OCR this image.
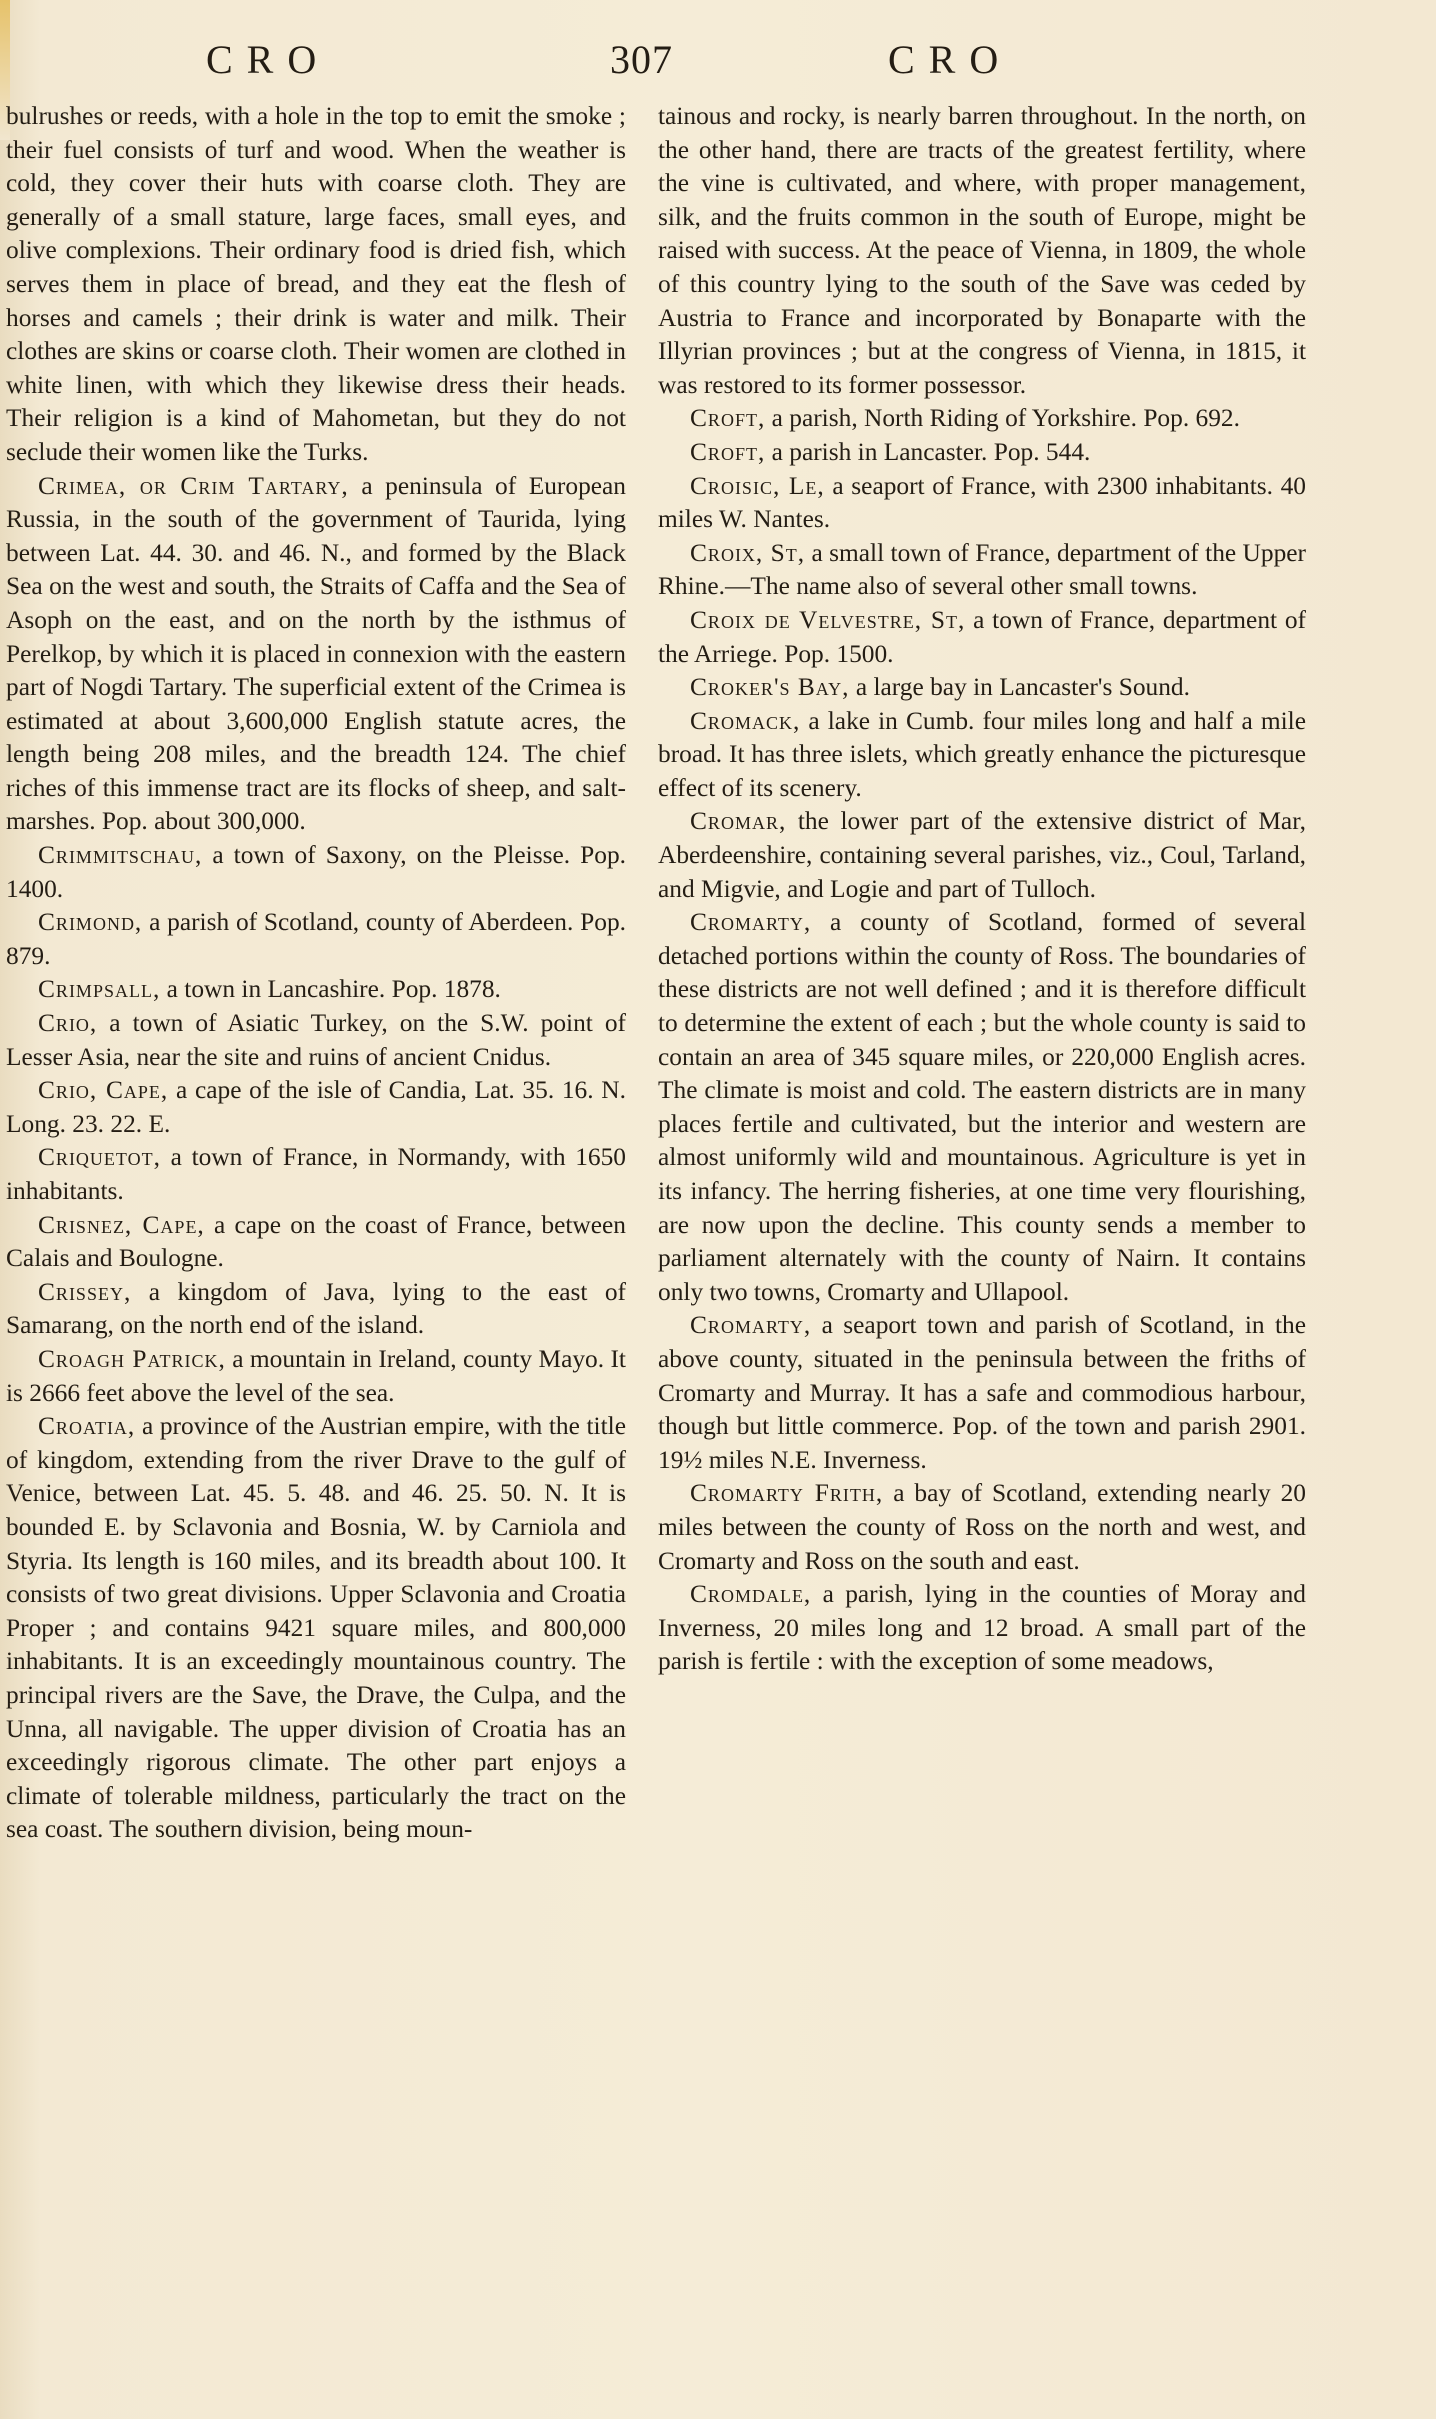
CRO	307	CRO

bulrushes or reeds, with a hole in the top to emit the smoke ; their fuel consists of turf and wood. When the weather is cold, they cover their huts with coarse cloth. They are generally of a small stature, large faces, small eyes, and olive complexions. Their ordinary food is dried fish, which serves them in place of bread, and they eat the flesh of horses and camels ; their drink is water and milk. Their clothes are skins or coarse cloth. Their women are clothed in white linen, with which they likewise dress their heads. Their religion is a kind of Mahometan, but they do not seclude their women like the Turks.

Crimea, or Crim Tartary, a peninsula of European Russia, in the south of the government of Taurida, lying between Lat. 44. 30. and 46. N., and formed by the Black Sea on the west and south, the Straits of Caffa and the Sea of Asoph on the east, and on the north by the isthmus of Perelkop, by which it is placed in connexion with the eastern part of Nogdi Tartary. The superficial extent of the Crimea is estimated at about 3,600,000 English statute acres, the length being 208 miles, and the breadth 124. The chief riches of this immense tract are its flocks of sheep, and salt-marshes. Pop. about 300,000.

Crimmitschau, a town of Saxony, on the Pleisse. Pop. 1400.

Crimond, a parish of Scotland, county of Aberdeen. Pop. 879.

Crimpsall, a town in Lancashire. Pop. 1878.

Crio, a town of Asiatic Turkey, on the S.W. point of Lesser Asia, near the site and ruins of ancient Cnidus.

Crio, Cape, a cape of the isle of Candia, Lat. 35. 16. N. Long. 23. 22. E.

Criquetot, a town of France, in Normandy, with 1650 inhabitants.

Crisnez, Cape, a cape on the coast of France, between Calais and Boulogne.

Crissey, a kingdom of Java, lying to the east of Samarang, on the north end of the island.

Croagh Patrick, a mountain in Ireland, county Mayo. It is 2666 feet above the level of the sea.

Croatia, a province of the Austrian empire, with the title of kingdom, extending from the river Drave to the gulf of Venice, between Lat. 45. 5. 48. and 46. 25. 50. N. It is bounded E. by Sclavonia and Bosnia, W. by Carniola and Styria. Its length is 160 miles, and its breadth about 100. It consists of two great divisions. Upper Sclavonia and Croatia Proper ; and contains 9421 square miles, and 800,000 inhabitants. It is an exceedingly mountainous country. The principal rivers are the Save, the Drave, the Culpa, and the Unna, all navigable. The upper division of Croatia has an exceedingly rigorous climate. The other part enjoys a climate of tolerable mildness, particularly the tract on the sea coast. The southern division, being moun-

tainous and rocky, is nearly barren throughout. In the north, on the other hand, there are tracts of the greatest fertility, where the vine is cultivated, and where, with proper management, silk, and the fruits common in the south of Europe, might be raised with success. At the peace of Vienna, in 1809, the whole of this country lying to the south of the Save was ceded by Austria to France and incorporated by Bonaparte with the Illyrian provinces ; but at the congress of Vienna, in 1815, it was restored to its former possessor.

Croft, a parish, North Riding of Yorkshire. Pop. 692.

Croft, a parish in Lancaster. Pop. 544.

Croisic, Le, a seaport of France, with 2300 inhabitants. 40 miles W. Nantes.

Croix, St, a small town of France, department of the Upper Rhine.—The name also of several other small towns.

Croix de Velvestre, St, a town of France, department of the Arriege. Pop. 1500.

Croker's Bay, a large bay in Lancaster's Sound.

Cromack, a lake in Cumb. four miles long and half a mile broad. It has three islets, which greatly enhance the picturesque effect of its scenery.

Cromar, the lower part of the extensive district of Mar, Aberdeenshire, containing several parishes, viz., Coul, Tarland, and Migvie, and Logie and part of Tulloch.

Cromarty, a county of Scotland, formed of several detached portions within the county of Ross. The boundaries of these districts are not well defined ; and it is therefore difficult to determine the extent of each ; but the whole county is said to contain an area of 345 square miles, or 220,000 English acres. The climate is moist and cold. The eastern districts are in many places fertile and cultivated, but the interior and western are almost uniformly wild and mountainous. Agriculture is yet in its infancy. The herring fisheries, at one time very flourishing, are now upon the decline. This county sends a member to parliament alternately with the county of Nairn. It contains only two towns, Cromarty and Ullapool.

Cromarty, a seaport town and parish of Scotland, in the above county, situated in the peninsula between the friths of Cromarty and Murray. It has a safe and commodious harbour, though but little commerce. Pop. of the town and parish 2901. 19½ miles N.E. Inverness.

Cromarty Frith, a bay of Scotland, extending nearly 20 miles between the county of Ross on the north and west, and Cromarty and Ross on the south and east.

Cromdale, a parish, lying in the counties of Moray and Inverness, 20 miles long and 12 broad. A small part of the parish is fertile : with the exception of some meadows,
